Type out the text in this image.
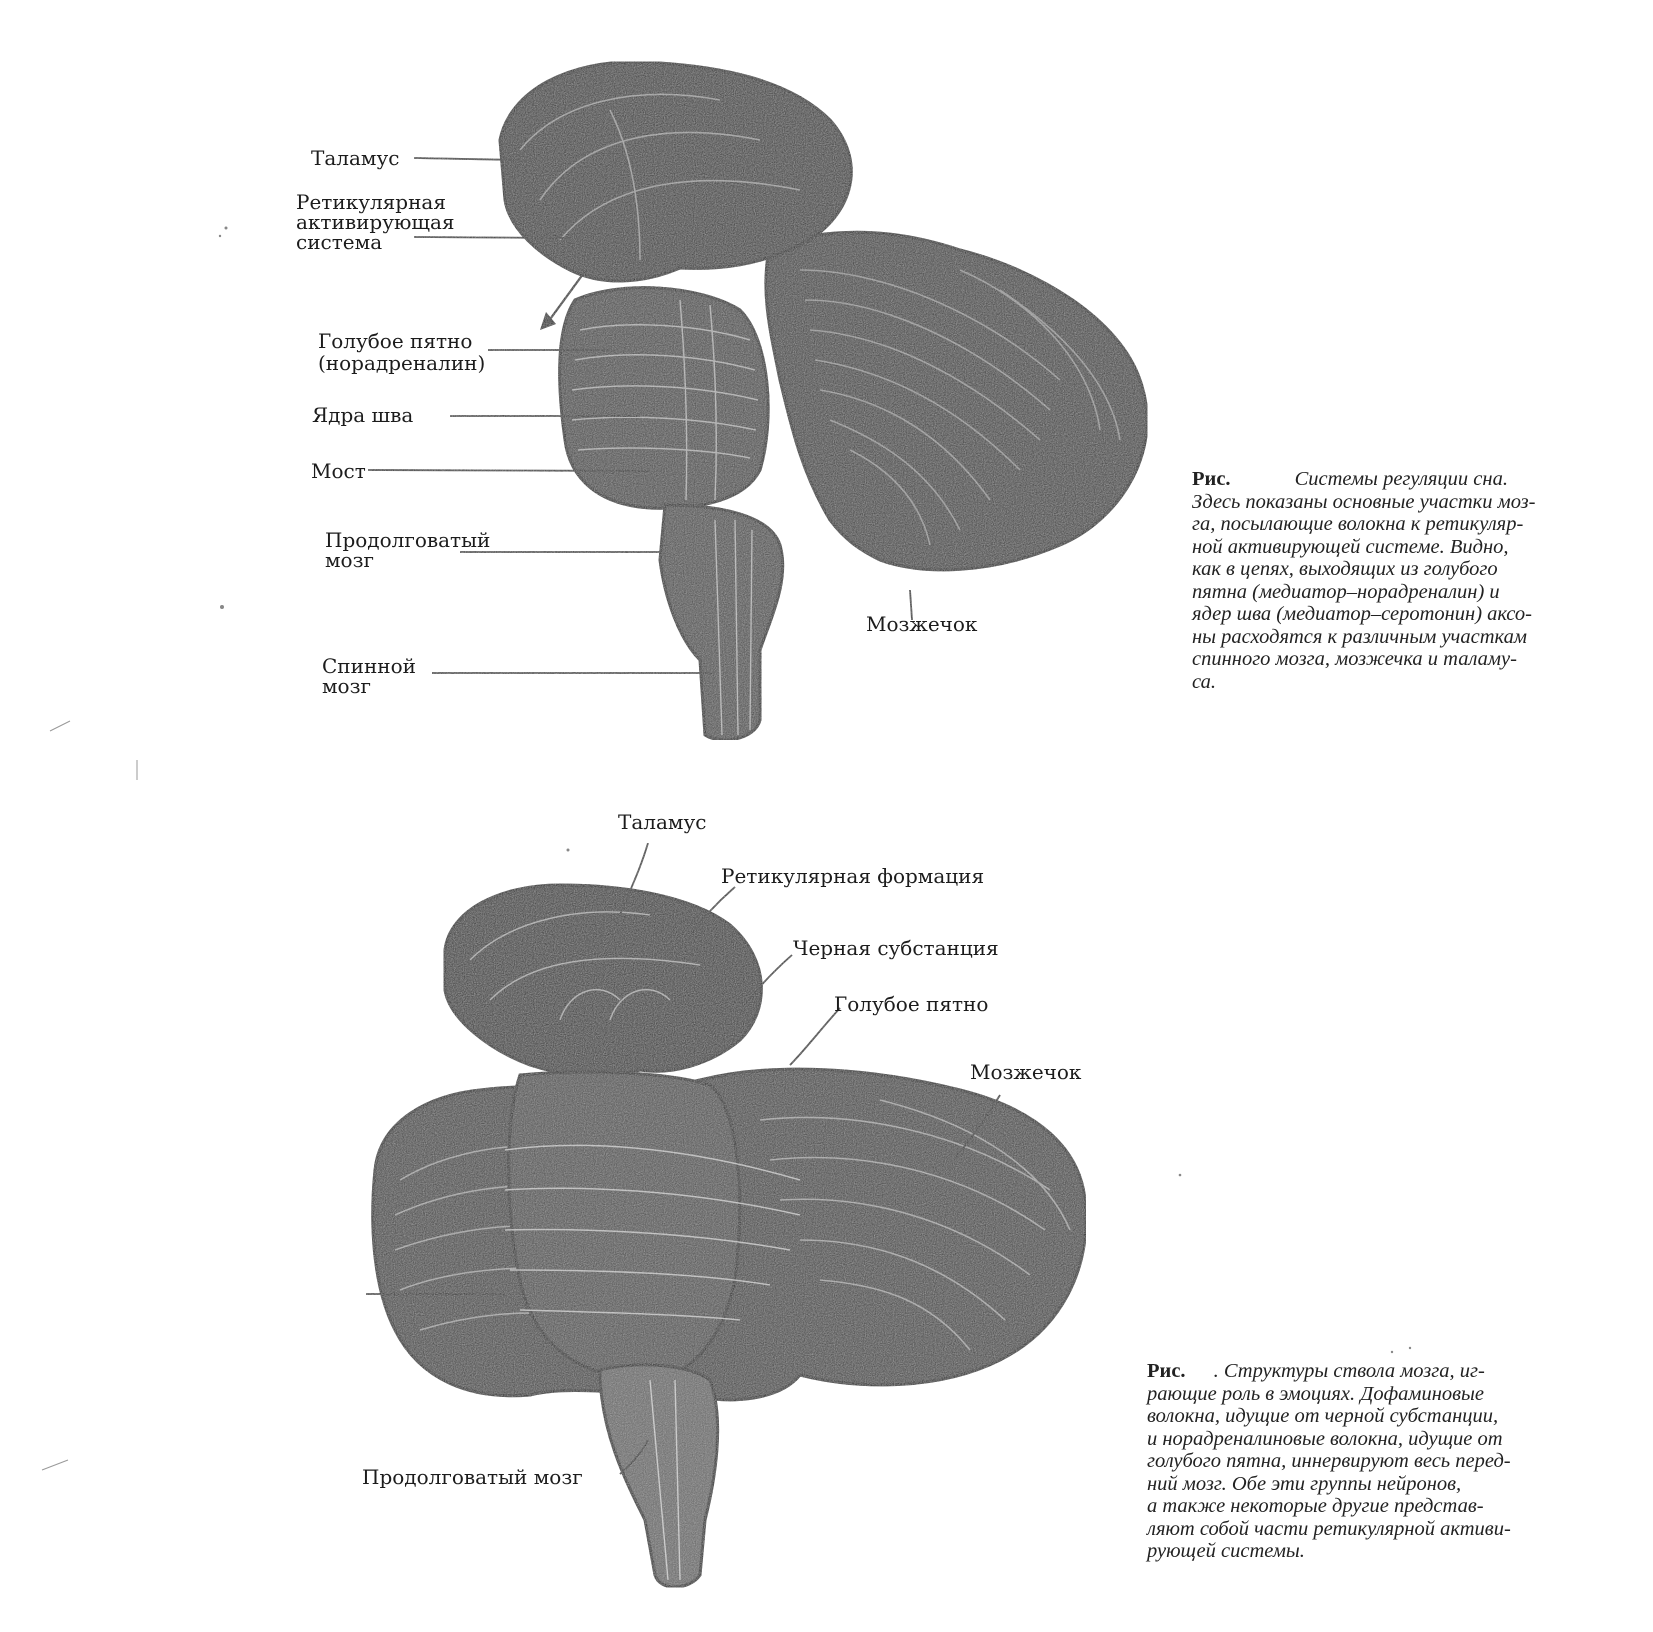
Таламус
Ретикулярная
активирующая
система
Голубое пятно
(норадреналин)
Ядра шва
Мост
Продолговатый
мозг
Спинной
мозг
Мозжечок
Рис.	Системы регуляции сна.
Здесь показаны основные участки моз-
га, посылающие волокна к ретикуляр-
ной активирующей системе. Видно,
как в цепях, выходящих из голубого
пятна (медиатор–норадреналин) и
ядер шва (медиатор–серотонин) аксо-
ны расходятся к различным участкам
спинного мозга, мозжечка и таламу-
са.
Таламус
Ретикулярная формация
Черная субстанция
Голубое пятно
Мозжечок
Продолговатый мозг
Рис. . Структуры ствола мозга, иг-
рающие роль в эмоциях. Дофаминовые
волокна, идущие от черной субстанции,
и норадреналиновые волокна, идущие от
голубого пятна, иннервируют весь перед-
ний мозг. Обе эти группы нейронов,
а также некоторые другие представ-
ляют собой части ретикулярной активи-
рующей системы.
